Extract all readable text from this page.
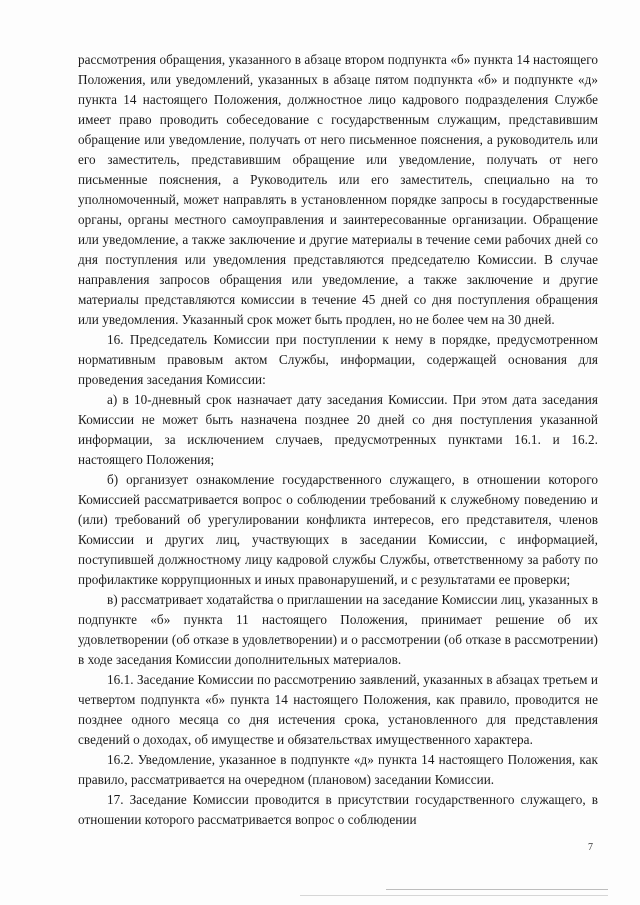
рассмотрения обращения, указанного в абзаце втором подпункта «б» пункта 14 настоящего Положения, или уведомлений, указанных в абзаце пятом подпункта «б» и подпункте «д» пункта 14 настоящего Положения, должностное лицо кадрового подразделения Службе имеет право проводить собеседование с государственным служащим, представившим обращение или уведомление, получать от него письменное пояснения, а руководитель или его заместитель, представившим обращение или уведомление, получать от него письменные пояснения, а Руководитель или его заместитель, специально на то уполномоченный, может направлять в установленном порядке запросы в государственные органы, органы местного самоуправления и заинтересованные организации. Обращение или уведомление, а также заключение и другие материалы в течение семи рабочих дней со дня поступления или уведомления представляются председателю Комиссии. В случае направления запросов обращения или уведомление, а также заключение и другие материалы представляются комиссии в течение 45 дней со дня поступления обращения или уведомления. Указанный срок может быть продлен, но не более чем на 30 дней.

16. Председатель Комиссии при поступлении к нему в порядке, предусмотренном нормативным правовым актом Службы, информации, содержащей основания для проведения заседания Комиссии:

а) в 10-дневный срок назначает дату заседания Комиссии. При этом дата заседания Комиссии не может быть назначена позднее 20 дней со дня поступления указанной информации, за исключением случаев, предусмотренных пунктами 16.1. и 16.2. настоящего Положения;

б) организует ознакомление государственного служащего, в отношении которого Комиссией рассматривается вопрос о соблюдении требований к служебному поведению и (или) требований об урегулировании конфликта интересов, его представителя, членов Комиссии и других лиц, участвующих в заседании Комиссии, с информацией, поступившей должностному лицу кадровой службы Службы, ответственному за работу по профилактике коррупционных и иных правонарушений, и с результатами ее проверки;

в) рассматривает ходатайства о приглашении на заседание Комиссии лиц, указанных в подпункте «б» пункта 11 настоящего Положения, принимает решение об их удовлетворении (об отказе в удовлетворении) и о рассмотрении (об отказе в рассмотрении) в ходе заседания Комиссии дополнительных материалов.

16.1. Заседание Комиссии по рассмотрению заявлений, указанных в абзацах третьем и четвертом подпункта «б» пункта 14 настоящего Положения, как правило, проводится не позднее одного месяца со дня истечения срока, установленного для представления сведений о доходах, об имуществе и обязательствах имущественного характера.

16.2. Уведомление, указанное в подпункте «д» пункта 14 настоящего Положения, как правило, рассматривается на очередном (плановом) заседании Комиссии.

17. Заседание Комиссии проводится в присутствии государственного служащего, в отношении которого рассматривается вопрос о соблюдении

7
